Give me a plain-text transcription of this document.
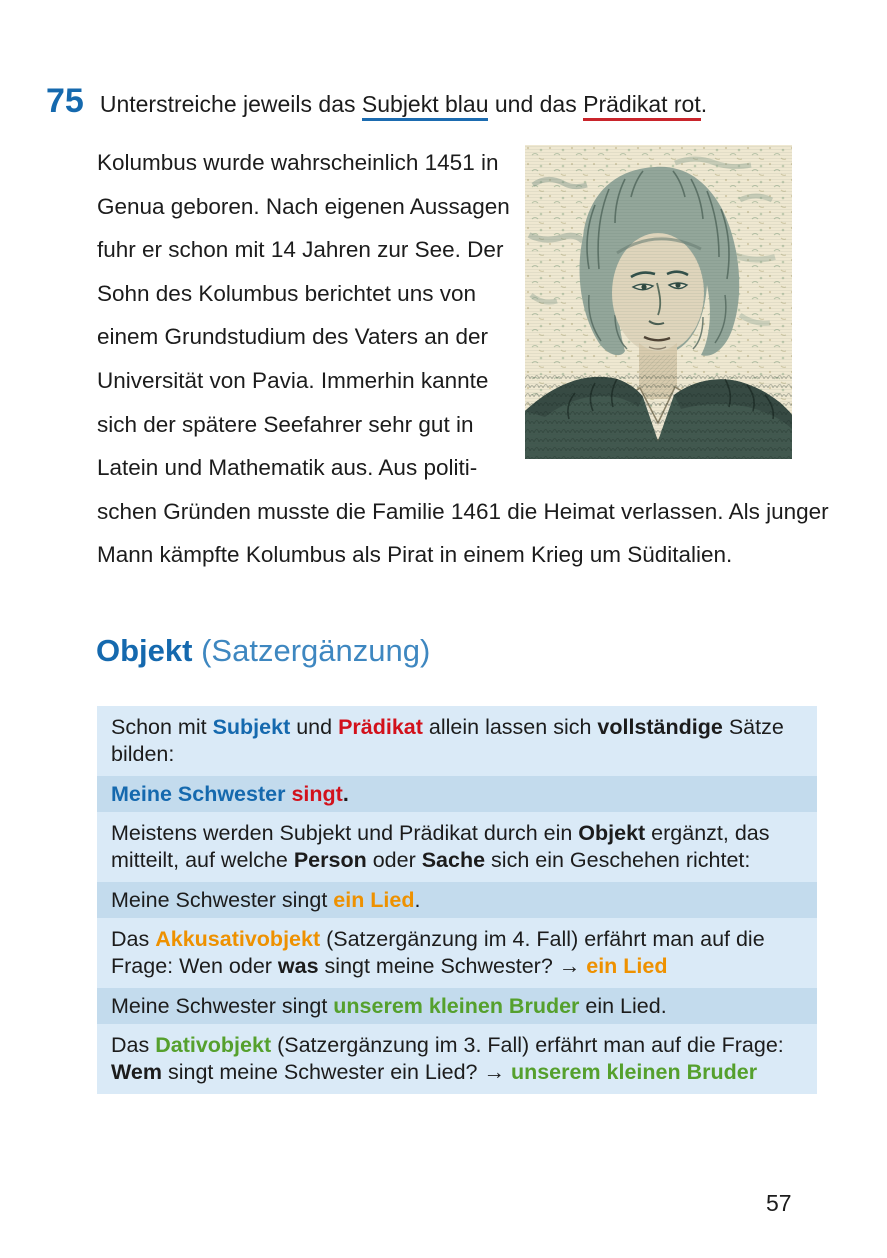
75 Unterstreiche jeweils das Subjekt blau und das Prädikat rot.
Kolumbus wurde wahrscheinlich 1451 in
Genua geboren. Nach eigenen Aussagen
fuhr er schon mit 14 Jahren zur See. Der
Sohn des Kolumbus berichtet uns von
einem Grundstudium des Vaters an der
Universität von Pavia. Immerhin kannte
sich der spätere Seefahrer sehr gut in
Latein und Mathematik aus. Aus politi-
schen Gründen musste die Familie 1461 die Heimat verlassen. Als junger
Mann kämpfte Kolumbus als Pirat in einem Krieg um Süditalien.
Objekt (Satzergänzung)
Schon mit Subjekt und Prädikat allein lassen sich vollständige Sätze
bilden:
Meine Schwester singt.
Meistens werden Subjekt und Prädikat durch ein Objekt ergänzt, das
mitteilt, auf welche Person oder Sache sich ein Geschehen richtet:
Meine Schwester singt ein Lied.
Das Akkusativobjekt (Satzergänzung im 4. Fall) erfährt man auf die
Frage: Wen oder was singt meine Schwester? → ein Lied
Meine Schwester singt unserem kleinen Bruder ein Lied.
Das Dativobjekt (Satzergänzung im 3. Fall) erfährt man auf die Frage:
Wem singt meine Schwester ein Lied? → unserem kleinen Bruder
57
